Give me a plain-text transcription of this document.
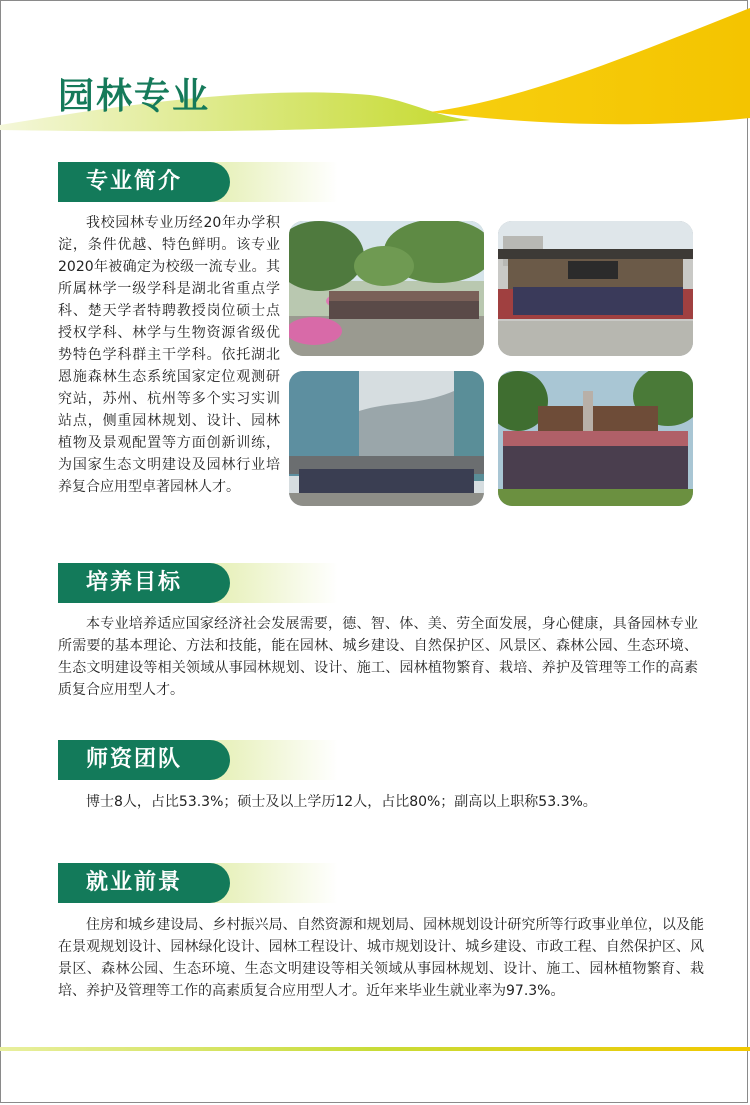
园林专业
专业简介

我校园林专业历经20年办学积淀，条件优越、特色鲜明。该专业2020年被确定为校级一流专业。其所属林学一级学科是湖北省重点学科、楚天学者特聘教授岗位硕士点授权学科、林学与生物资源省级优势特色学科群主干学科。依托湖北恩施森林生态系统国家定位观测研究站，苏州、杭州等多个实习实训站点，侧重园林规划、设计、园林植物及景观配置等方面创新训练，为国家生态文明建设及园林行业培养复合应用型卓著园林人才。

培养目标

本专业培养适应国家经济社会发展需要，德、智、体、美、劳全面发展，身心健康，具备园林专业所需要的基本理论、方法和技能，能在园林、城乡建设、自然保护区、风景区、森林公园、生态环境、生态文明建设等相关领域从事园林规划、设计、施工、园林植物繁育、栽培、养护及管理等工作的高素质复合应用型人才。

师资团队

博士8人，占比53.3%；硕士及以上学历12人，占比80%；副高以上职称53.3%。

就业前景

住房和城乡建设局、乡村振兴局、自然资源和规划局、园林规划设计研究所等行政事业单位，以及能在景观规划设计、园林绿化设计、园林工程设计、城市规划设计、城乡建设、市政工程、自然保护区、风景区、森林公园、生态环境、生态文明建设等相关领域从事园林规划、设计、施工、园林植物繁育、栽培、养护及管理等工作的高素质复合应用型人才。近年来毕业生就业率为97.3%。
